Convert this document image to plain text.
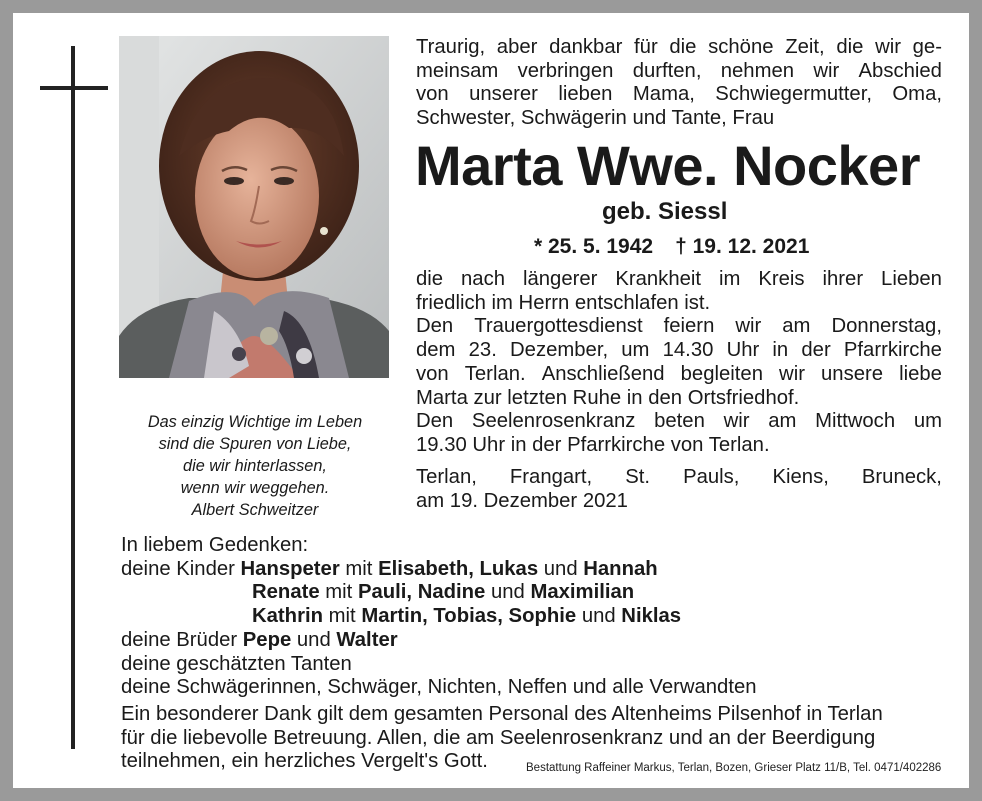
Das einzig Wichtige im Leben
sind die Spuren von Liebe,
die wir hinterlassen,
wenn wir weggehen.
Albert Schweitzer
Traurig, aber dankbar für die schöne Zeit, die wir ge-
meinsam verbringen durften, nehmen wir Abschied
von unserer lieben Mama, Schwiegermutter, Oma,
Schwester, Schwägerin und Tante, Frau
Marta Wwe. Nocker
geb. Siessl
* 25. 5. 1942 † 19. 12. 2021
die nach längerer Krankheit im Kreis ihrer Lieben
friedlich im Herrn entschlafen ist.
Den Trauergottesdienst feiern wir am Donnerstag,
dem 23. Dezember, um 14.30 Uhr in der Pfarrkirche
von Terlan. Anschließend begleiten wir unsere liebe
Marta zur letzten Ruhe in den Ortsfriedhof.
Den Seelenrosenkranz beten wir am Mittwoch um
19.30 Uhr in der Pfarrkirche von Terlan.
Terlan, Frangart, St. Pauls, Kiens, Bruneck,
am 19. Dezember 2021
In liebem Gedenken:
deine Kinder Hanspeter mit Elisabeth, Lukas und Hannah
Renate mit Pauli, Nadine und Maximilian
Kathrin mit Martin, Tobias, Sophie und Niklas
deine Brüder Pepe und Walter
deine geschätzten Tanten
deine Schwägerinnen, Schwäger, Nichten, Neffen und alle Verwandten
Ein besonderer Dank gilt dem gesamten Personal des Altenheims Pilsenhof in Terlan
für die liebevolle Betreuung. Allen, die am Seelenrosenkranz und an der Beerdigung
teilnehmen, ein herzliches Vergelt's Gott.	Bestattung Raffeiner Markus, Terlan, Bozen, Grieser Platz 11/B, Tel. 0471/402286
